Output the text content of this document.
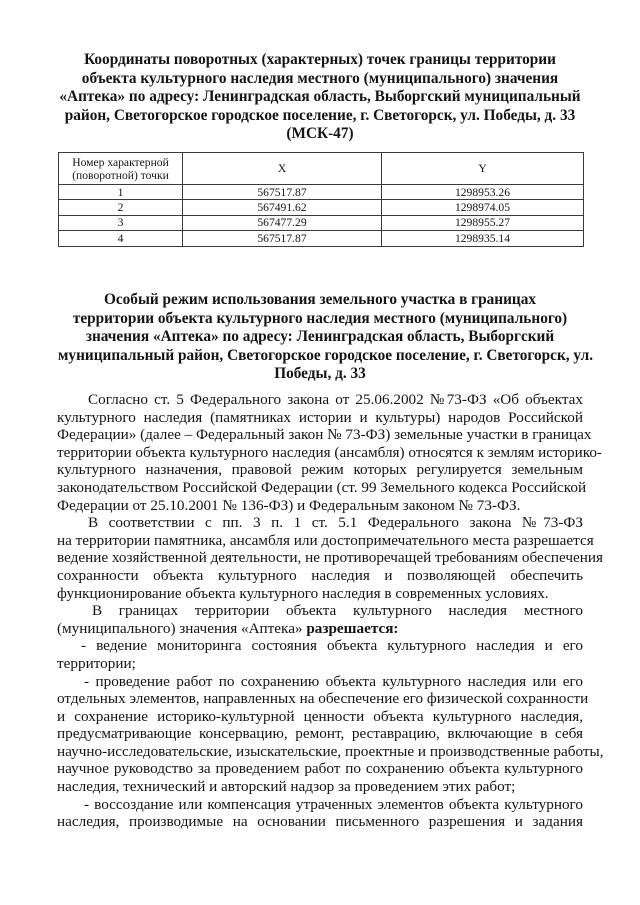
Координаты поворотных (характерных) точек границы территории
объекта культурного наследия местного (муниципального) значения
«Аптека» по адресу: Ленинградская область, Выборгский муниципальный
район, Светогорское городское поселение, г. Светогорск, ул. Победы, д. 33
(МСК-47)
Номер характерной (поворотной) точки	X	Y
1	567517.87	1298953.26
2	567491.62	1298974.05
3	567477.29	1298955.27
4	567517.87	1298935.14
Особый режим использования земельного участка в границах
территории объекта культурного наследия местного (муниципального)
значения «Аптека» по адресу: Ленинградская область, Выборгский
муниципальный район, Светогорское городское поселение, г. Светогорск, ул.
Победы, д. 33
Согласно ст. 5 Федерального закона от 25.06.2002 №73-ФЗ «Об объектах
культурного наследия (памятниках истории и культуры) народов Российской
Федерации» (далее – Федеральный закон № 73-ФЗ) земельные участки в границах
территории объекта культурного наследия (ансамбля) относятся к землям историко-
культурного назначения, правовой режим которых регулируется земельным
законодательством Российской Федерации (ст. 99 Земельного кодекса Российской
Федерации от 25.10.2001 № 136-ФЗ) и Федеральным законом № 73-ФЗ.
В соответствии с пп. 3 п. 1 ст. 5.1 Федерального закона №73-ФЗ
на территории памятника, ансамбля или достопримечательного места разрешается
ведение хозяйственной деятельности, не противоречащей требованиям обеспечения
сохранности объекта культурного наследия и позволяющей обеспечить
функционирование объекта культурного наследия в современных условиях.
В границах территории объекта культурного наследия местного
(муниципального) значения «Аптека» разрешается:
- ведение мониторинга состояния объекта культурного наследия и его
территории;
- проведение работ по сохранению объекта культурного наследия или его
отдельных элементов, направленных на обеспечение его физической сохранности
и сохранение историко-культурной ценности объекта культурного наследия,
предусматривающие консервацию, ремонт, реставрацию, включающие в себя
научно-исследовательские, изыскательские, проектные и производственные работы,
научное руководство за проведением работ по сохранению объекта культурного
наследия, технический и авторский надзор за проведением этих работ;
- воссоздание или компенсация утраченных элементов объекта культурного
наследия, производимые на основании письменного разрешения и задания
